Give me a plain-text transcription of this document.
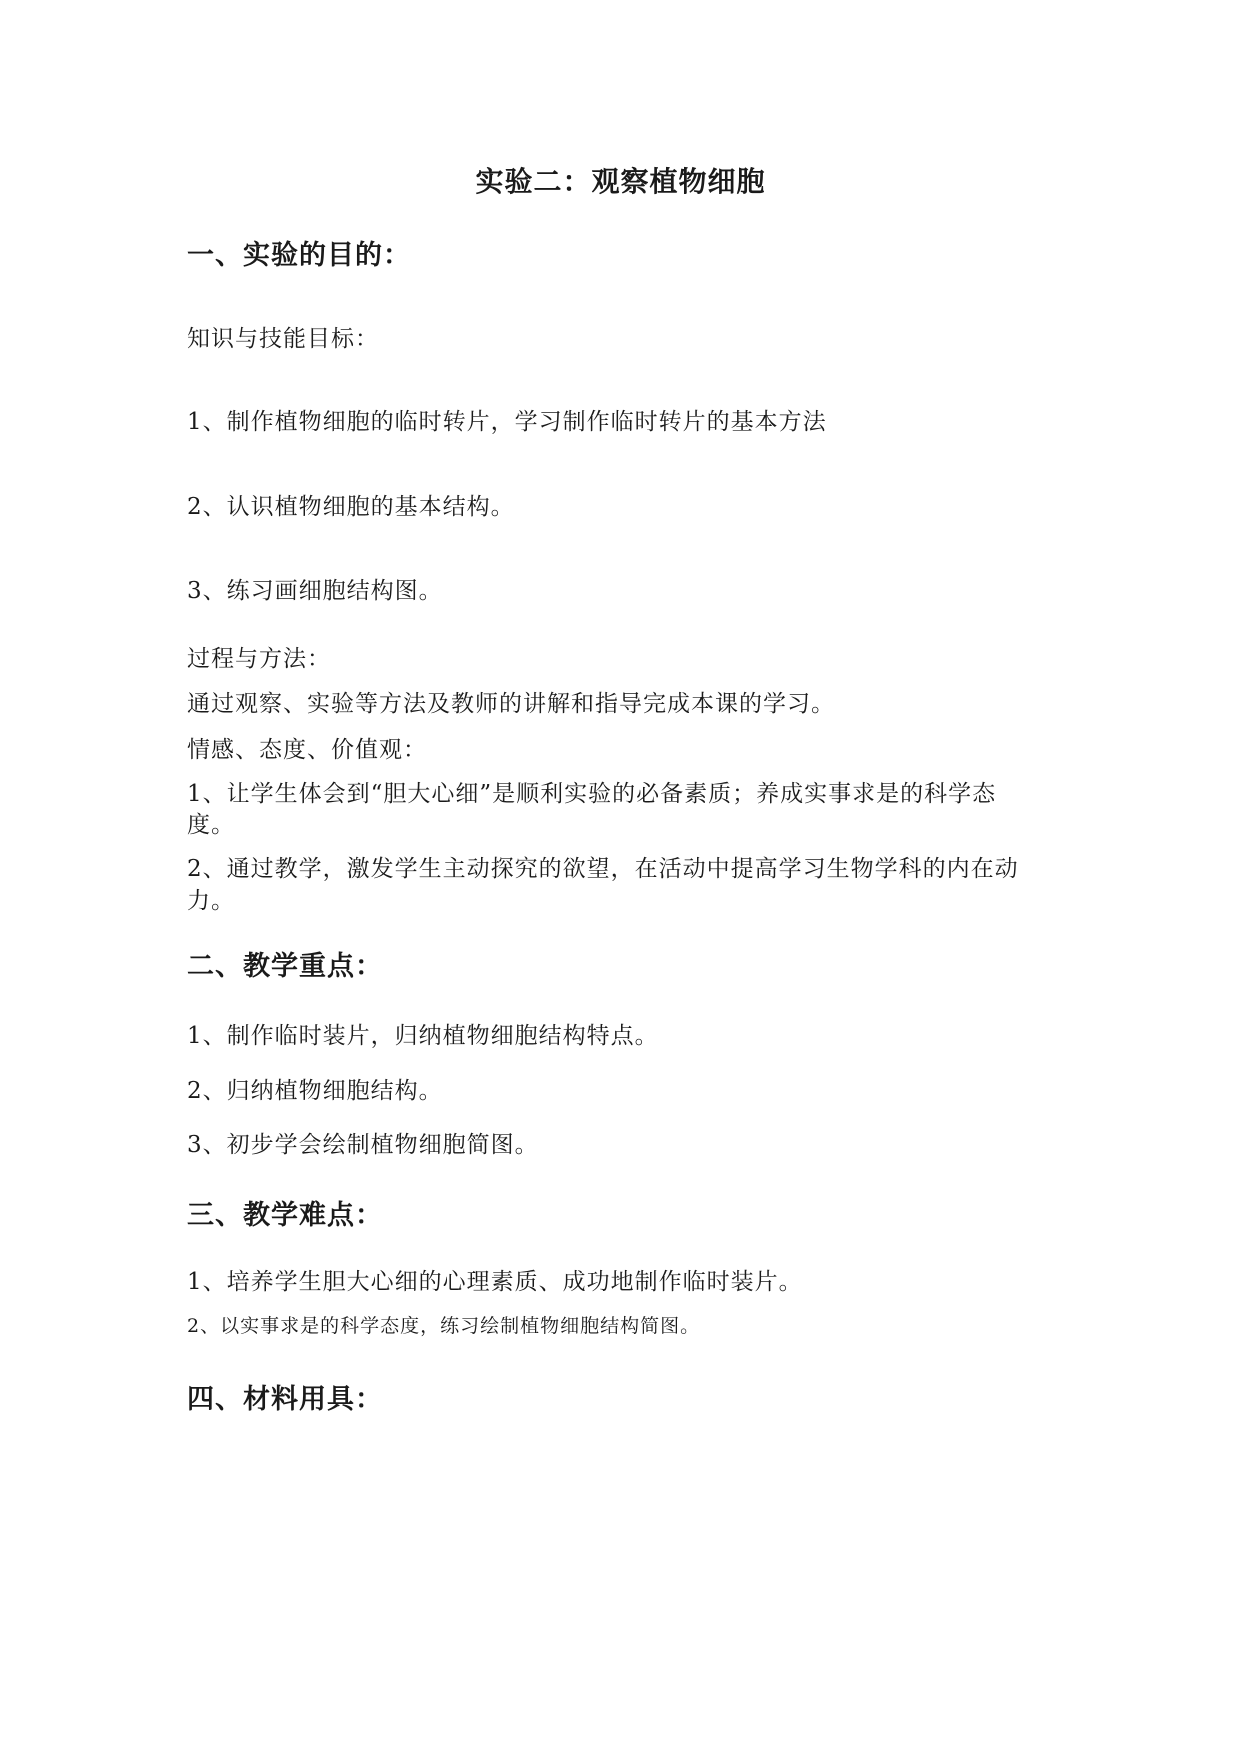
实验二：观察植物细胞
一、实验的目的：
知识与技能目标：
1、制作植物细胞的临时转片，学习制作临时转片的基本方法
2、认识植物细胞的基本结构。
3、练习画细胞结构图。
过程与方法：
通过观察、实验等方法及教师的讲解和指导完成本课的学习。
情感、态度、价值观：
1、让学生体会到“胆大心细”是顺利实验的必备素质；养成实事求是的科学态
度。
2、通过教学，激发学生主动探究的欲望，在活动中提高学习生物学科的内在动
力。
二、教学重点：
1、制作临时装片，归纳植物细胞结构特点。
2、归纳植物细胞结构。
3、初步学会绘制植物细胞简图。
三、教学难点：
1、培养学生胆大心细的心理素质、成功地制作临时装片。
2、以实事求是的科学态度，练习绘制植物细胞结构简图。
四、材料用具：
